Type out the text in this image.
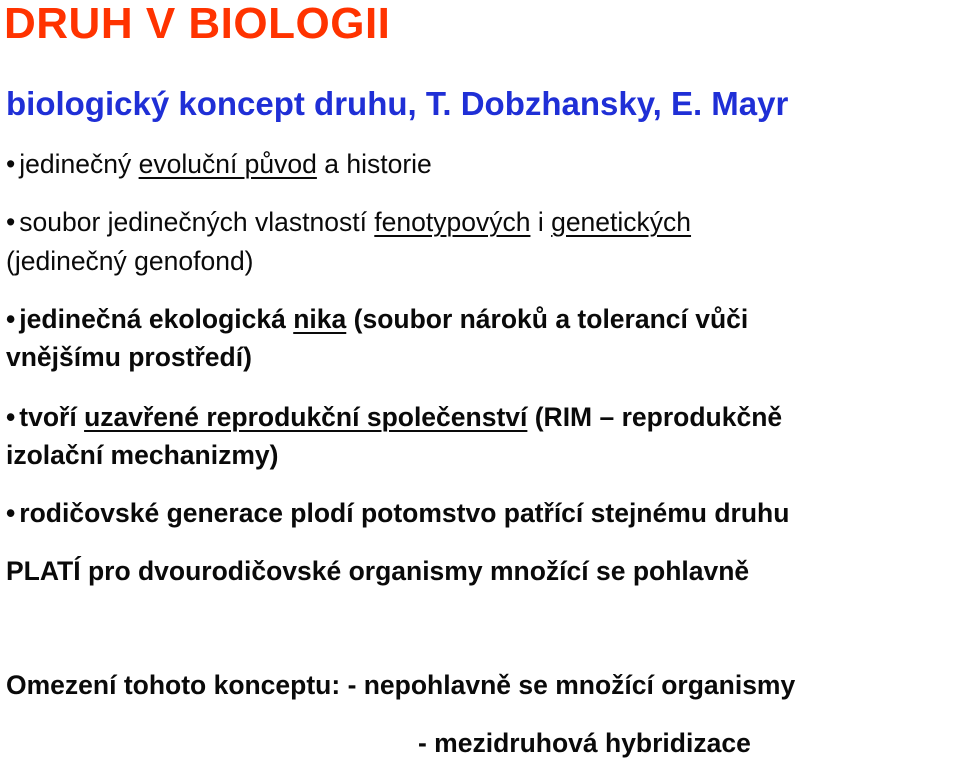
DRUH V BIOLOGII
biologický koncept druhu, T. Dobzhansky, E. Mayr

• jedinečný evoluční původ a historie

• soubor jedinečných vlastností fenotypových i genetických

(jedinečný genofond)

• jedinečná ekologická nika (soubor nároků a tolerancí vůči

vnějšímu prostředí)

• tvoří uzavřené reprodukční společenství (RIM – reprodukčně

izolační mechanizmy)

• rodičovské generace plodí potomstvo patřící stejnému druhu

PLATÍ pro dvourodičovské organismy množící se pohlavně

Omezení tohoto konceptu: - nepohlavně se množící organismy

- mezidruhová hybridizace
